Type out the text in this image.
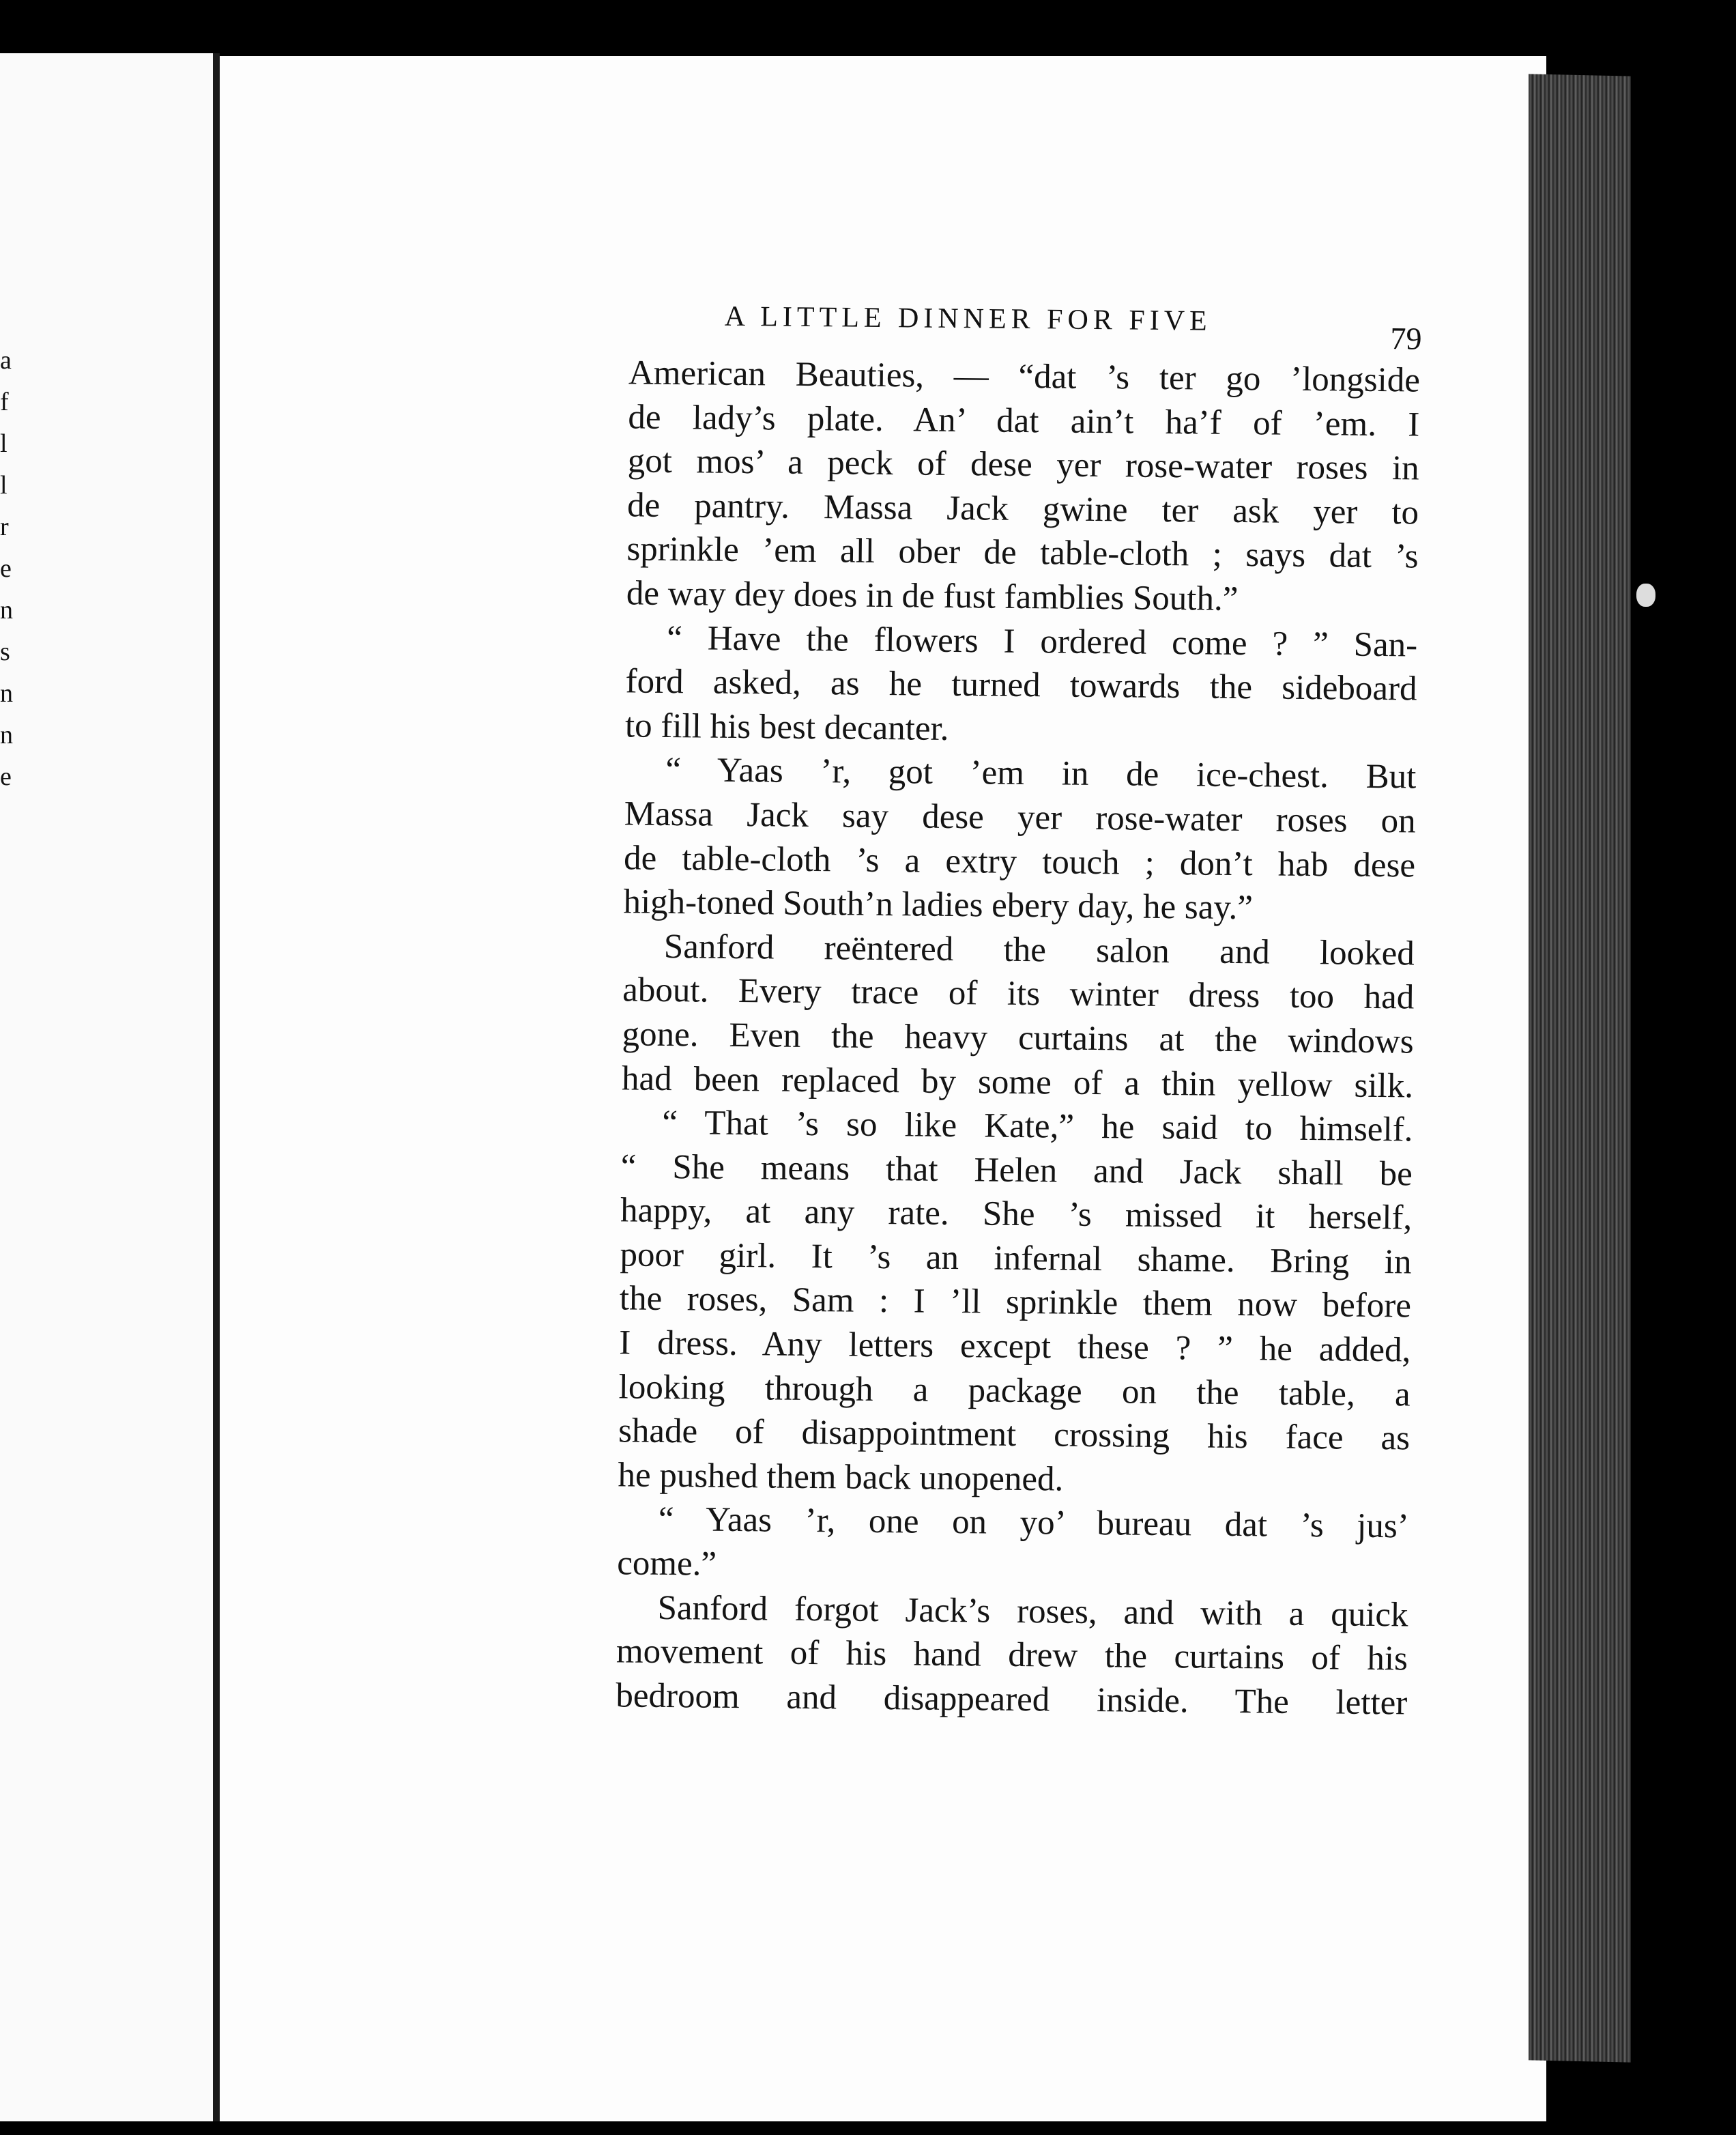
a
f
l
l
r
e
n
s
n
n
e
A LITTLE DINNER FOR FIVE
79
American Beauties, — “dat ’s ter go ’longside
de lady’s plate. An’ dat ain’t ha’f of ’em. I
got mos’ a peck of dese yer rose-water roses in
de pantry. Massa Jack gwine ter ask yer to
sprinkle ’em all ober de table-cloth ; says dat ’s
de way dey does in de fust famblies South.”
“ Have the flowers I ordered come ? ” San-
ford asked, as he turned towards the sideboard
to fill his best decanter.
“ Yaas ’r, got ’em in de ice-chest. But
Massa Jack say dese yer rose-water roses on
de table-cloth ’s a extry touch ; don’t hab dese
high-toned South’n ladies ebery day, he say.”
Sanford reëntered the salon and looked
about. Every trace of its winter dress too had
gone. Even the heavy curtains at the windows
had been replaced by some of a thin yellow silk.
“ That ’s so like Kate,” he said to himself.
“ She means that Helen and Jack shall be
happy, at any rate. She ’s missed it herself,
poor girl. It ’s an infernal shame. Bring in
the roses, Sam : I ’ll sprinkle them now before
I dress. Any letters except these ? ” he added,
looking through a package on the table, a
shade of disappointment crossing his face as
he pushed them back unopened.
“ Yaas ’r, one on yo’ bureau dat ’s jus’
come.”
Sanford forgot Jack’s roses, and with a quick
movement of his hand drew the curtains of his
bedroom and disappeared inside. The letter
